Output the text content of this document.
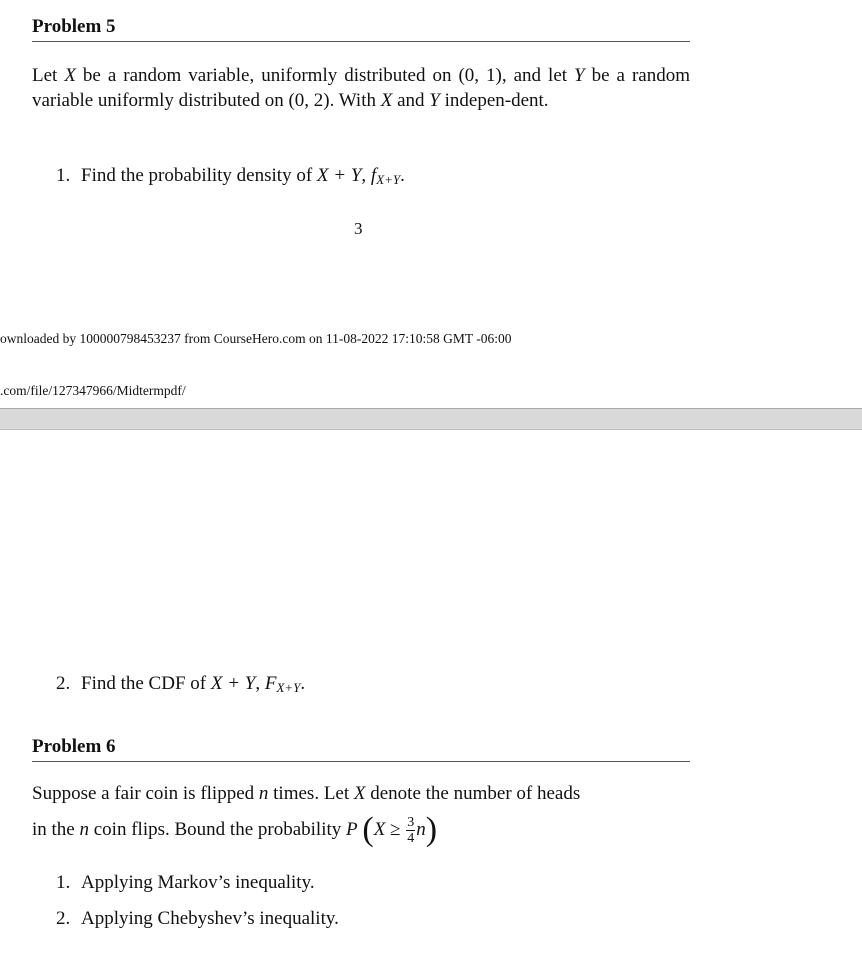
Problem 5
Let X be a random variable, uniformly distributed on (0, 1), and let Y be a random variable uniformly distributed on (0, 2). With X and Y indepen-dent.
1. Find the probability density of X + Y, $f_{X+Y}$.
3
ownloaded by 100000798453237 from CourseHero.com on 11-08-2022 17:10:58 GMT -06:00
.com/file/127347966/Midtermpdf/
2. Find the CDF of X + Y, $F_{X+Y}$.
Problem 6
Suppose a fair coin is flipped n times. Let X denote the number of heads
in the n coin flips. Bound the probability P $(X \ge \frac{3}{4} n)$
1. Applying Markov’s inequality.
2. Applying Chebyshev’s inequality.
